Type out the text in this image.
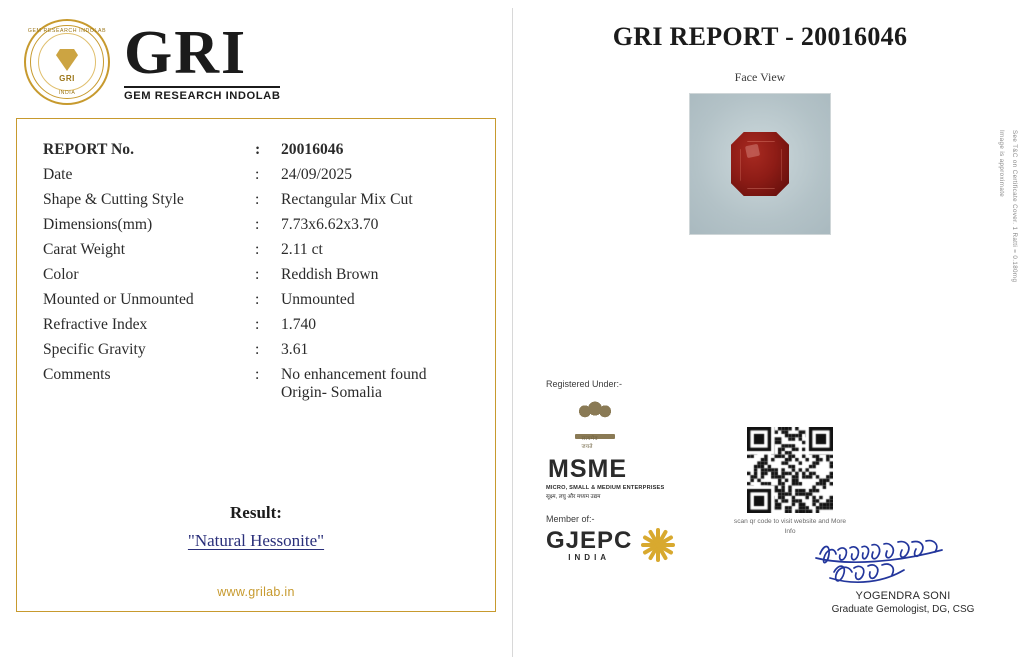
GEM RESEARCH INDOLAB
GRI
INDIA
GRI
GEM RESEARCH INDOLAB
REPORT No.	:	20016046
Date	:	24/09/2025
Shape & Cutting Style	:	Rectangular Mix Cut
Dimensions(mm)	:	7.73x6.62x3.70
Carat Weight	:	2.11 ct
Color	:	Reddish Brown
Mounted or Unmounted	:	Unmounted
Refractive Index	:	1.740
Specific Gravity	:	3.61
Comments	:	No enhancement found
Origin- Somalia
Result:
"Natural Hessonite"
www.grilab.in
GRI REPORT - 20016046
Face View
Image is approximate See T&C on Certificate Cover. 1 Ratti = 0.180mg
Registered Under:-
सत्यमेव जयते
MSME
MICRO, SMALL & MEDIUM ENTERPRISES
सूक्ष्म, लघु और मध्यम उद्यम
Member of:-
GJEPC
INDIA
scan qr code to visit website and More Info
YOGENDRA SONI
Graduate Gemologist, DG, CSG
